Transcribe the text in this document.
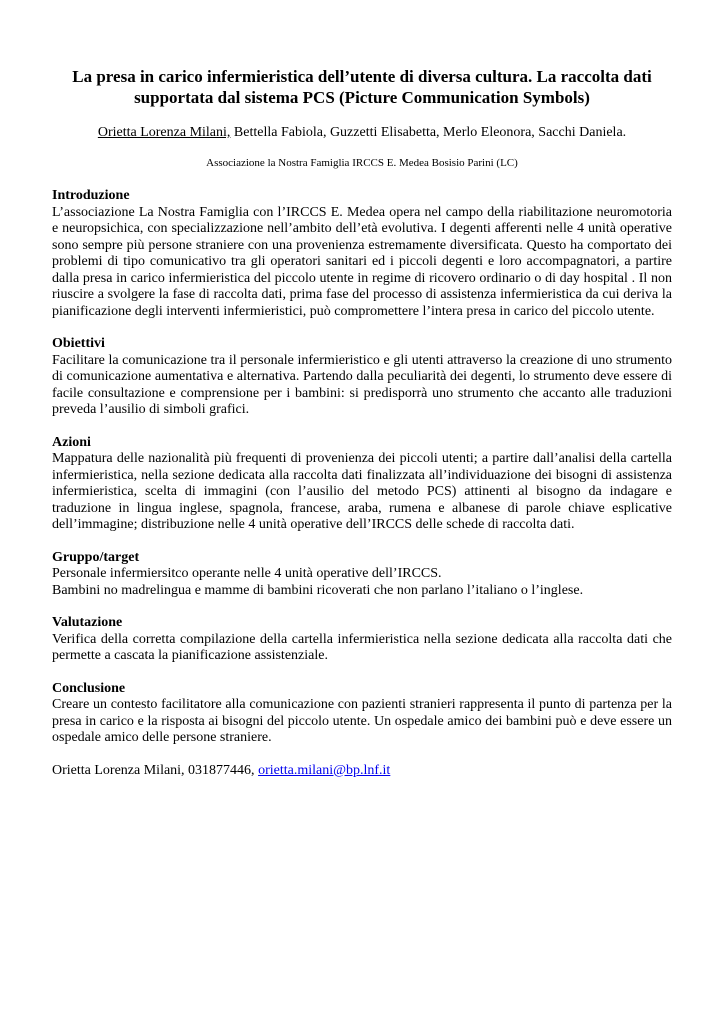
La presa in carico infermieristica dell’utente di diversa cultura. La raccolta dati supportata dal sistema PCS (Picture Communication Symbols)

Orietta Lorenza Milani, Bettella Fabiola, Guzzetti Elisabetta, Merlo Eleonora, Sacchi Daniela.

Associazione la Nostra Famiglia IRCCS E. Medea Bosisio Parini (LC)

Introduzione

L’associazione La Nostra Famiglia con l’IRCCS E. Medea opera nel campo della riabilitazione neuromotoria e neuropsichica, con specializzazione nell’ambito dell’età evolutiva. I degenti afferenti nelle 4 unità operative sono sempre più persone straniere con una provenienza estremamente diversificata. Questo ha comportato dei problemi di tipo comunicativo tra gli operatori sanitari ed i piccoli degenti e loro accompagnatori, a partire dalla presa in carico infermieristica del piccolo utente in regime di ricovero ordinario o di day hospital . Il non riuscire a svolgere la fase di raccolta dati, prima fase del processo di assistenza infermieristica da cui deriva la pianificazione degli interventi infermieristici, può compromettere l’intera presa in carico del piccolo utente.

Obiettivi

Facilitare la comunicazione tra il personale infermieristico e gli utenti attraverso la creazione di uno strumento di comunicazione aumentativa e alternativa. Partendo dalla peculiarità dei degenti, lo strumento deve essere di facile consultazione e comprensione per i bambini: si predisporrà uno strumento che accanto alle traduzioni preveda l’ausilio di simboli grafici.

Azioni

Mappatura delle nazionalità più frequenti di provenienza dei piccoli utenti; a partire dall’analisi della cartella infermieristica, nella sezione dedicata alla raccolta dati finalizzata all’individuazione dei bisogni di assistenza infermieristica, scelta di immagini (con l’ausilio del metodo PCS) attinenti al bisogno da indagare e traduzione in lingua inglese, spagnola, francese, araba, rumena e albanese di parole chiave esplicative dell’immagine; distribuzione nelle 4 unità operative dell’IRCCS delle schede di raccolta dati.

Gruppo/target

Personale infermiersitco operante nelle 4 unità operative dell’IRCCS.

Bambini no madrelingua e mamme di bambini ricoverati che non parlano l’italiano o l’inglese.

Valutazione

Verifica della corretta compilazione della cartella infermieristica nella sezione dedicata alla raccolta dati che permette a cascata la pianificazione assistenziale.

Conclusione

Creare un contesto facilitatore alla comunicazione con pazienti stranieri rappresenta il punto di partenza per la presa in carico e la risposta ai bisogni del piccolo utente. Un ospedale amico dei bambini può e deve essere un ospedale amico delle persone straniere.

Orietta Lorenza Milani, 031877446, orietta.milani@bp.lnf.it
